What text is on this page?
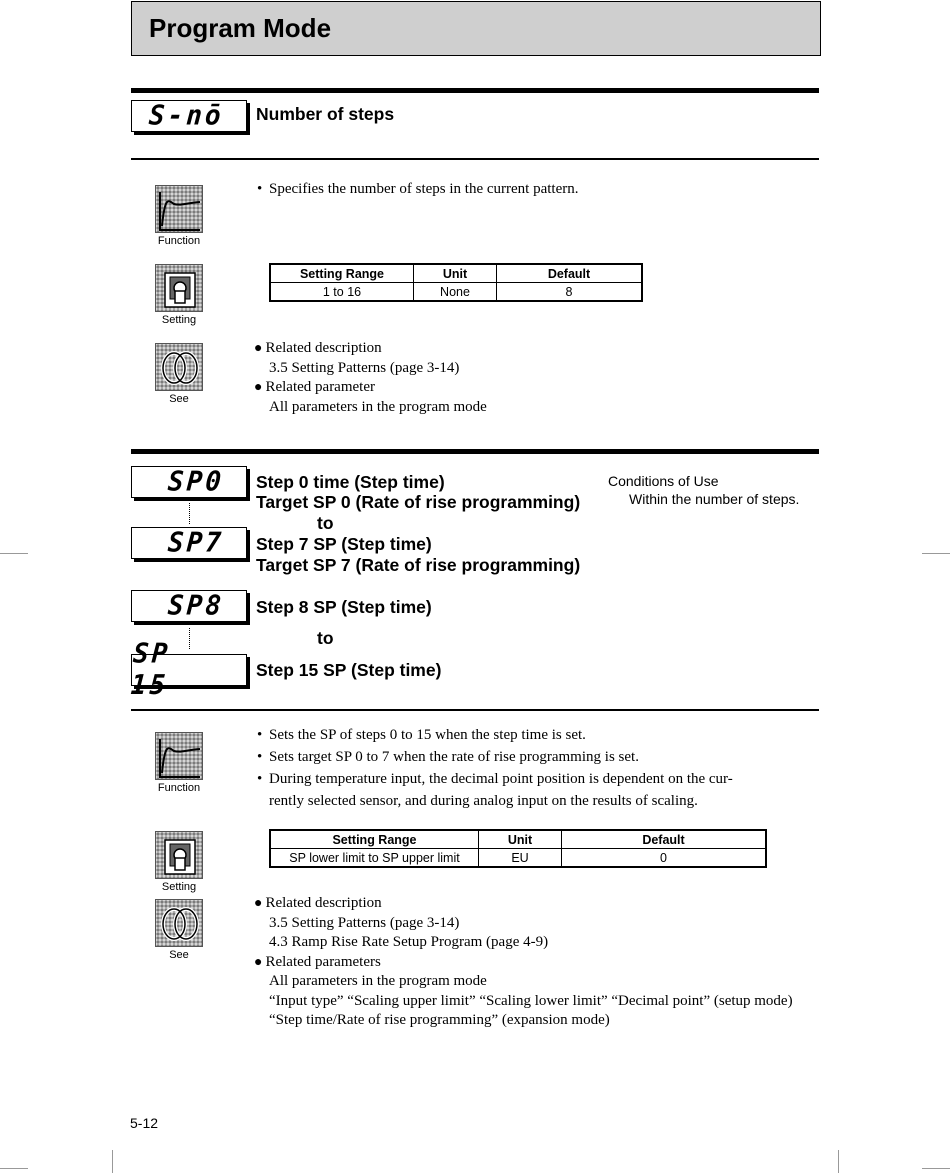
Program Mode
S-nō Number of steps
Function
• Specifies the number of steps in the current pattern.
Setting
Setting Range	Unit	Default
1 to 16	None	8
See
● Related description
3.5 Setting Patterns (page 3-14)
● Related parameter
All parameters in the program mode
SP0
SP7
SP8
SP 15
Step 0 time (Step time)
Target SP 0 (Rate of rise programming)
to
Step 7 SP (Step time)
Target SP 7 (Rate of rise programming)
Step 8 SP (Step time)
to
Step 15 SP (Step time)
Conditions of Use
Within the number of steps.
Function
• Sets the SP of steps 0 to 15 when the step time is set.
• Sets target SP 0 to 7 when the rate of rise programming is set.
• During temperature input, the decimal point position is dependent on the cur-
rently selected sensor, and during analog input on the results of scaling.
Setting
Setting Range	Unit	Default
SP lower limit to SP upper limit	EU	0
See
● Related description
3.5 Setting Patterns (page 3-14)
4.3 Ramp Rise Rate Setup Program (page 4-9)
● Related parameters
All parameters in the program mode
“Input type” “Scaling upper limit” “Scaling lower limit” “Decimal point” (setup mode)
“Step time/Rate of rise programming” (expansion mode)
5-12
